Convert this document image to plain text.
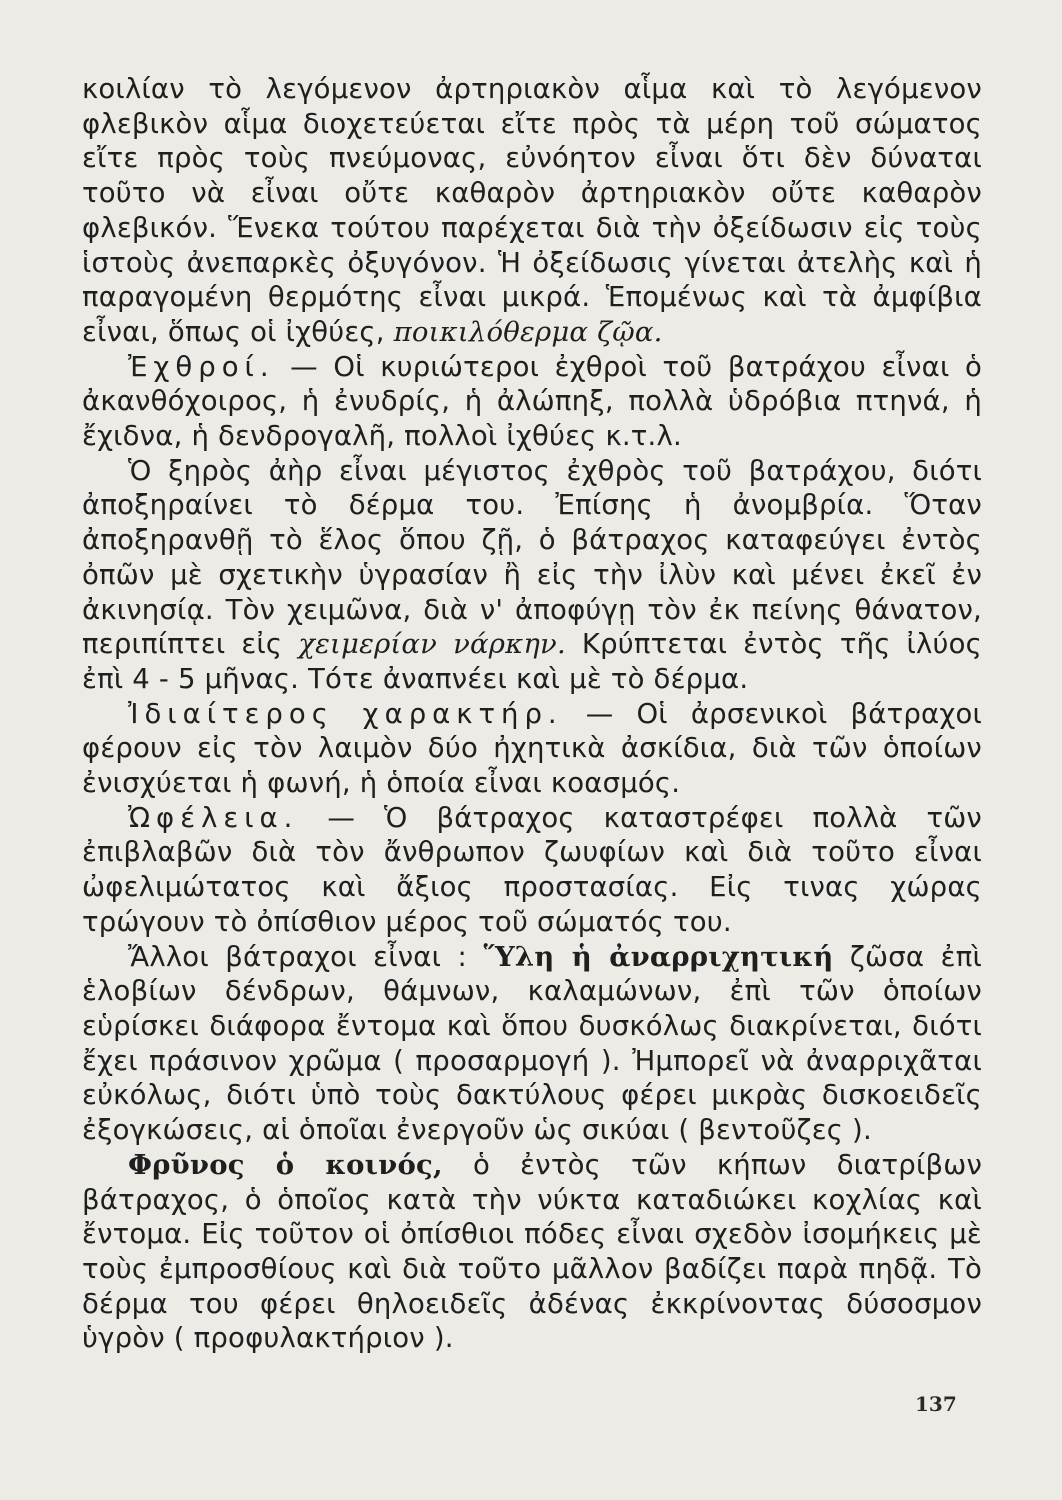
κοιλίαν τὸ λεγόμενον ἀρτηριακὸν αἷμα καὶ τὸ λεγόμενον φλεβικὸν αἷμα διοχετεύεται εἴτε πρὸς τὰ μέρη τοῦ σώματος εἴτε πρὸς τοὺς πνεύμονας, εὐνόητον εἶναι ὅτι δὲν δύναται τοῦτο νὰ εἶναι οὔτε καθαρὸν ἀρτηριακὸν οὔτε καθαρὸν φλεβικόν. Ἕνεκα τούτου παρέχεται διὰ τὴν ὀξείδωσιν εἰς τοὺς ἱστοὺς ἀνεπαρκὲς ὀξυγόνον. Ἡ ὀξείδωσις γίνεται ἀτελὴς καὶ ἡ παραγομένη θερμότης εἶναι μικρά. Ἑπομένως καὶ τὰ ἀμφίβια εἶναι, ὅπως οἱ ἰχθύες, ποικιλόθερμα ζῷα.

Ἐχθροί. — Οἱ κυριώτεροι ἐχθροὶ τοῦ βατράχου εἶναι ὁ ἀκανθόχοιρος, ἡ ἐνυδρίς, ἡ ἀλώπηξ, πολλὰ ὑδρόβια πτηνά, ἡ ἔχιδνα, ἡ δενδρογαλῆ, πολλοὶ ἰχθύες κ.τ.λ.

Ὁ ξηρὸς ἀὴρ εἶναι μέγιστος ἐχθρὸς τοῦ βατράχου, διότι ἀποξηραίνει τὸ δέρμα του. Ἐπίσης ἡ ἀνομβρία. Ὅταν ἀποξηρανθῇ τὸ ἕλος ὅπου ζῇ, ὁ βάτραχος καταφεύγει ἐντὸς ὀπῶν μὲ σχετικὴν ὑγρασίαν ἢ εἰς τὴν ἰλὺν καὶ μένει ἐκεῖ ἐν ἀκινησίᾳ. Τὸν χειμῶνα, διὰ ν' ἀποφύγῃ τὸν ἐκ πείνης θάνατον, περιπίπτει εἰς χειμερίαν νάρκην. Κρύπτεται ἐντὸς τῆς ἰλύος ἐπὶ 4 - 5 μῆνας. Τότε ἀναπνέει καὶ μὲ τὸ δέρμα.

Ἰδιαίτερος χαρακτήρ. — Οἱ ἀρσενικοὶ βάτραχοι φέρουν εἰς τὸν λαιμὸν δύο ἠχητικὰ ἀσκίδια, διὰ τῶν ὁποίων ἐνισχύεται ἡ φωνή, ἡ ὁποία εἶναι κοασμός.

Ὠφέλεια. — Ὁ βάτραχος καταστρέφει πολλὰ τῶν ἐπιβλαβῶν διὰ τὸν ἄνθρωπον ζωυφίων καὶ διὰ τοῦτο εἶναι ὠφελιμώτατος καὶ ἄξιος προστασίας. Εἰς τινας χώρας τρώγουν τὸ ὀπίσθιον μέρος τοῦ σώματός του.

Ἄλλοι βάτραχοι εἶναι : Ὕλη ἡ ἀναρριχητική ζῶσα ἐπὶ ἑλοβίων δένδρων, θάμνων, καλαμώνων, ἐπὶ τῶν ὁποίων εὑρίσκει διάφορα ἔντομα καὶ ὅπου δυσκόλως διακρίνεται, διότι ἔχει πράσινον χρῶμα ( προσαρμογή ). Ἠμπορεῖ νὰ ἀναρριχᾶται εὐκόλως, διότι ὑπὸ τοὺς δακτύλους φέρει μικρὰς δισκοειδεῖς ἐξογκώσεις, αἱ ὁποῖαι ἐνεργοῦν ὡς σικύαι ( βεντοῦζες ).

Φρῦνος ὁ κοινός, ὁ ἐντὸς τῶν κήπων διατρίβων βάτραχος, ὁ ὁποῖος κατὰ τὴν νύκτα καταδιώκει κοχλίας καὶ ἔντομα. Εἰς τοῦτον οἱ ὀπίσθιοι πόδες εἶναι σχεδὸν ἰσομήκεις μὲ τοὺς ἐμπροσθίους καὶ διὰ τοῦτο μᾶλλον βαδίζει παρὰ πηδᾷ. Τὸ δέρμα του φέρει θηλοειδεῖς ἀδένας ἐκκρίνοντας δύσοσμον ὑγρὸν ( προφυλακτήριον ).

137
